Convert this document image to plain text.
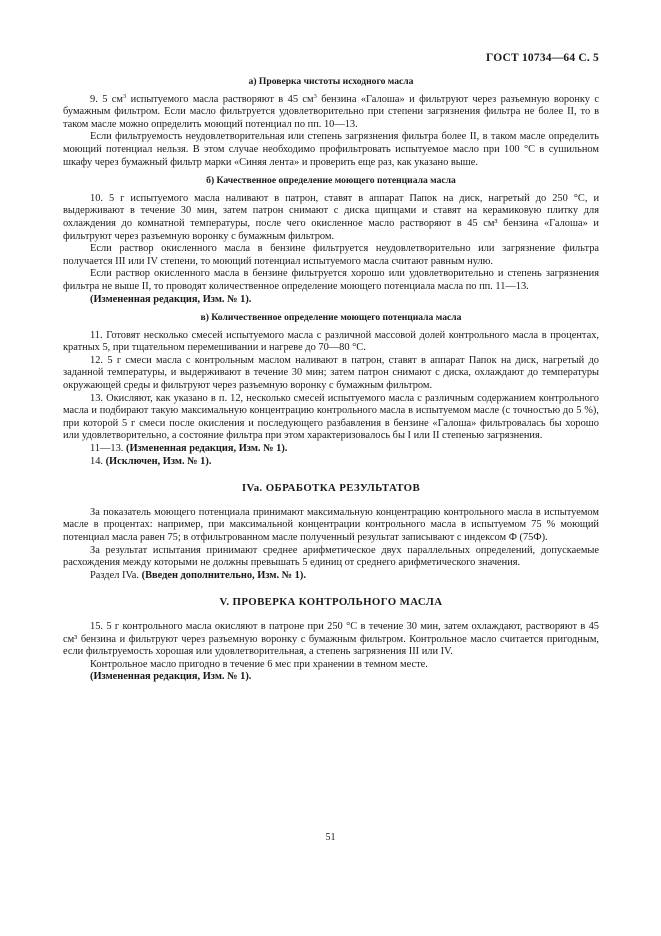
ГОСТ 10734—64 С. 5

а) Проверка чистоты исходного масла

9. 5 $см^3$ испытуемого масла растворяют в 45 $см^3$ бензина «Галоша» и фильтруют через разъемную воронку с бумажным фильтром. Если масло фильтруется удовлетворительно при степени загрязнения фильтра не более II, то в таком масле можно определить моющий потенциал по пп. 10—13.

Если фильтруемость неудовлетворительная или степень загрязнения фильтра более II, в таком масле определить моющий потенциал нельзя. В этом случае необходимо профильтровать испытуемое масло при 100 °С в сушильном шкафу через бумажный фильтр марки «Синяя лента» и проверить еще раз, как указано выше.

б) Качественное определение моющего потенциала масла

10. 5 г испытуемого масла наливают в патрон, ставят в аппарат Папок на диск, нагретый до 250 °С, и выдерживают в течение 30 мин, затем патрон снимают с диска щипцами и ставят на керамиковую плитку для охлаждения до комнатной температуры, после чего окисленное масло растворяют в 45 см³ бензина «Галоша» и фильтруют через разъемную воронку с бумажным фильтром.

Если раствор окисленного масла в бензине фильтруется неудовлетворительно или загрязнение фильтра получается III или IV степени, то моющий потенциал испытуемого масла считают равным нулю.

Если раствор окисленного масла в бензине фильтруется хорошо или удовлетворительно и степень загрязнения фильтра не выше II, то проводят количественное определение моющего потенциала масла по пп. 11—13.

(Измененная редакция, Изм. № 1).

в) Количественное определение моющего потенциала масла

11. Готовят несколько смесей испытуемого масла с различной массовой долей контрольного масла в процентах, кратных 5, при тщательном перемешивании и нагреве до 70—80 °С.

12. 5 г смеси масла с контрольным маслом наливают в патрон, ставят в аппарат Папок на диск, нагретый до заданной температуры, и выдерживают в течение 30 мин; затем патрон снимают с диска, охлаждают до температуры окружающей среды и фильтруют через разъемную воронку с бумажным фильтром.

13. Окисляют, как указано в п. 12, несколько смесей испытуемого масла с различным содержанием контрольного масла и подбирают такую максимальную концентрацию контрольного масла в испытуемом масле (с точностью до 5 %), при которой 5 г смеси после окисления и последующего разбавления в бензине «Галоша» фильтровалась бы хорошо или удовлетворительно, а состояние фильтра при этом характеризовалось бы I или II степенью загрязнения.

11—13. (Измененная редакция, Изм. № 1).

14. (Исключен, Изм. № 1).

IVa. ОБРАБОТКА РЕЗУЛЬТАТОВ

За показатель моющего потенциала принимают максимальную концентрацию контрольного масла в испытуемом масле в процентах: например, при максимальной концентрации контрольного масла в испытуемом 75 % моющий потенциал масла равен 75; в отфильтрованном масле полученный результат записывают с индексом Ф (75Ф).

За результат испытания принимают среднее арифметическое двух параллельных определений, допускаемые расхождения между которыми не должны превышать 5 единиц от среднего арифметического значения.

Раздел IVa. (Введен дополнительно, Изм. № 1).

V. ПРОВЕРКА КОНТРОЛЬНОГО МАСЛА

15. 5 г контрольного масла окисляют в патроне при 250 °С в течение 30 мин, затем охлаждают, растворяют в 45 см³ бензина и фильтруют через разъемную воронку с бумажным фильтром. Контрольное масло считается пригодным, если фильтруемость хорошая или удовлетворительная, а степень загрязнения III или IV.

Контрольное масло пригодно в течение 6 мес при хранении в темном месте.

(Измененная редакция, Изм. № 1).

51
